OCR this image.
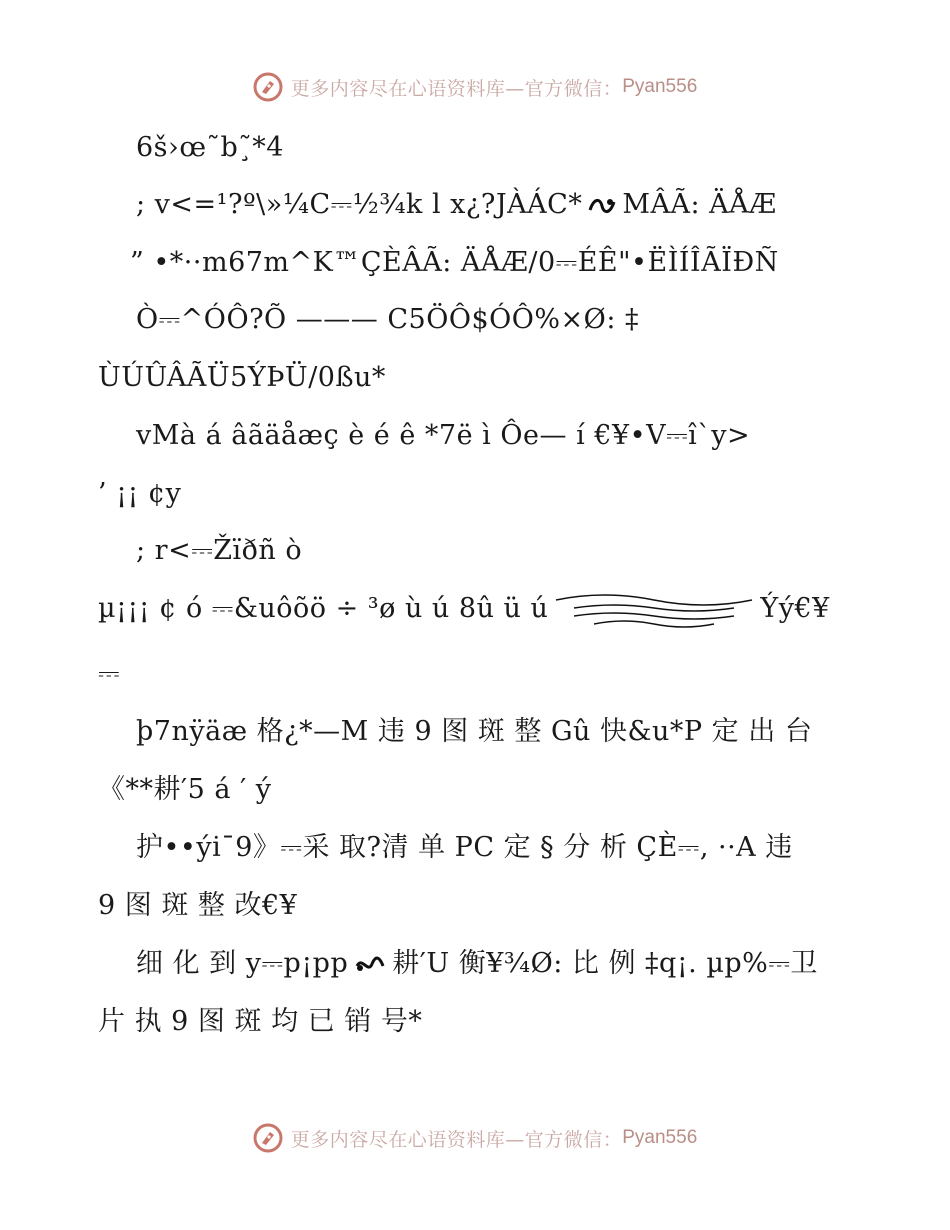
更多内容尽在心语资料库—官方微信： Pyan556
6š›œ˜b˜̧*4
; v<=¹?º\»¼C⎓½¾k l x¿?JÀÁC* MÂÃ: ÄÅÆ
” •*··m67m^K™ÇÈÂÃ: ÄÅÆ/0⎓ÉÊ"•ËÌÍÎÃÏÐÑ
Ò⎓^ÓÔ?Õ ——— C5ÖÔ$ÓÔ%×Ø: ‡
ÙÚÛÂÃÜ5ÝÞÜ/0ßu*
vMà á âãäåæç è é ê *7ë ì Ôe— í €¥•V⎓î`y>
’ ¡¡ ¢y
; r<⎓Žïðñ ò
µ¡¡¡ ¢ ó ⎓&uôõö ÷ ³ø ù ú 8û ü ú	Ýý€¥
⎓
þ7nÿäæ 格¿*—M 违 9 图 斑 整 Gû 快&u*P 定 出 台
《**耕′5 á ′ ý
护••ýi¯9》⎓采 取?清 单 PC 定 § 分 析 ÇÈ⎓, ··A 违
9 图 斑 整 改€¥
细 化 到 y⎓p¡pp 耕′U 衡¥¾Ø: 比 例 ‡q¡. µp%⎓卫
片 执 9 图 斑 均 已 销 号*
更多内容尽在心语资料库—官方微信： Pyan556
